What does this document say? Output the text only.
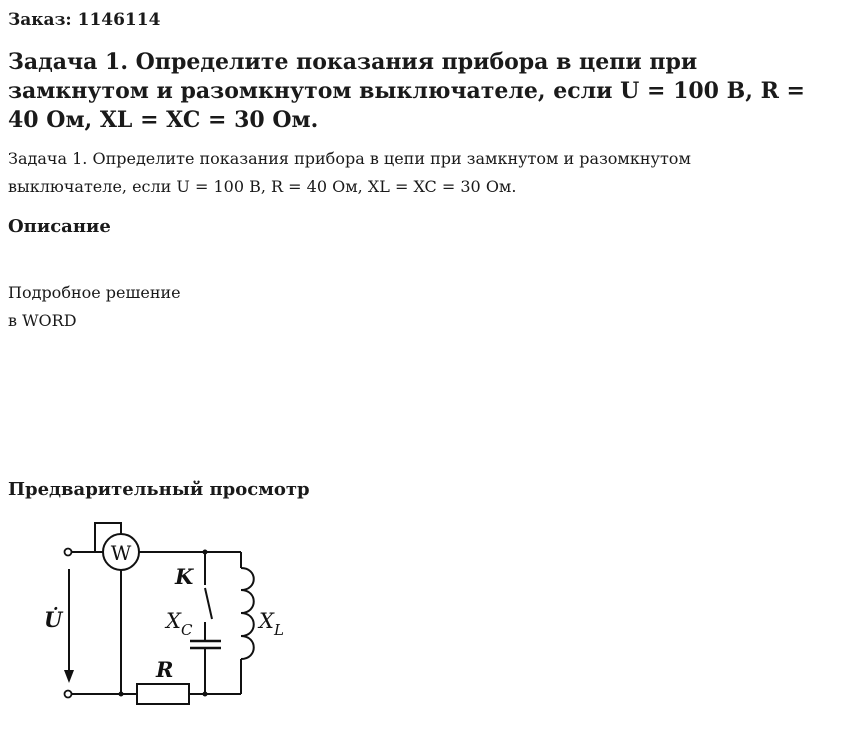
Заказ: 1146114
Задача 1. Определите показания прибора в цепи при замкнутом и разомкнутом выключателе, если U = 100 В, R = 40 Ом, XL = XC = 30 Ом.

Задача 1. Определите показания прибора в цепи при замкнутом и разомкнутом выключателе, если U = 100 В, R = 40 Ом, XL = XC = 30 Ом.

Описание
Подробное решение
в WORD
Предварительный просмотр
W
U̇
K
$X_C$	$X_L$
R
